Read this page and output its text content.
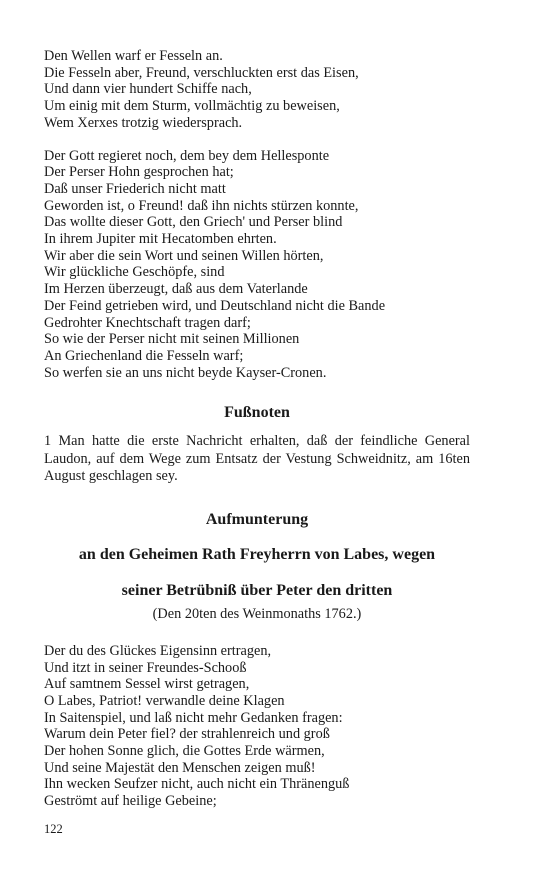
Den Wellen warf er Fesseln an.
Die Fesseln aber, Freund, verschluckten erst das Eisen,
Und dann vier hundert Schiffe nach,
Um einig mit dem Sturm, vollmächtig zu beweisen,
Wem Xerxes trotzig wiedersprach.
Der Gott regieret noch, dem bey dem Hellesponte
Der Perser Hohn gesprochen hat;
Daß unser Friederich nicht matt
Geworden ist, o Freund! daß ihn nichts stürzen konnte,
Das wollte dieser Gott, den Griech' und Perser blind
In ihrem Jupiter mit Hecatomben ehrten.
Wir aber die sein Wort und seinen Willen hörten,
Wir glückliche Geschöpfe, sind
Im Herzen überzeugt, daß aus dem Vaterlande
Der Feind getrieben wird, und Deutschland nicht die Bande
Gedrohter Knechtschaft tragen darf;
So wie der Perser nicht mit seinen Millionen
An Griechenland die Fesseln warf;
So werfen sie an uns nicht beyde Kayser-Cronen.
Fußnoten
1 Man hatte die erste Nachricht erhalten, daß der feindliche General Laudon, auf dem Wege zum Entsatz der Vestung Schweidnitz, am 16ten August geschlagen sey.
Aufmunterung
an den Geheimen Rath Freyherrn von Labes, wegen
seiner Betrübniß über Peter den dritten
(Den 20ten des Weinmonaths 1762.)
Der du des Glückes Eigensinn ertragen,
Und itzt in seiner Freundes-Schooß
Auf samtnem Sessel wirst getragen,
O Labes, Patriot! verwandle deine Klagen
In Saitenspiel, und laß nicht mehr Gedanken fragen:
Warum dein Peter fiel? der strahlenreich und groß
Der hohen Sonne glich, die Gottes Erde wärmen,
Und seine Majestät den Menschen zeigen muß!
Ihn wecken Seufzer nicht, auch nicht ein Thränenguß
Geströmt auf heilige Gebeine;
122
